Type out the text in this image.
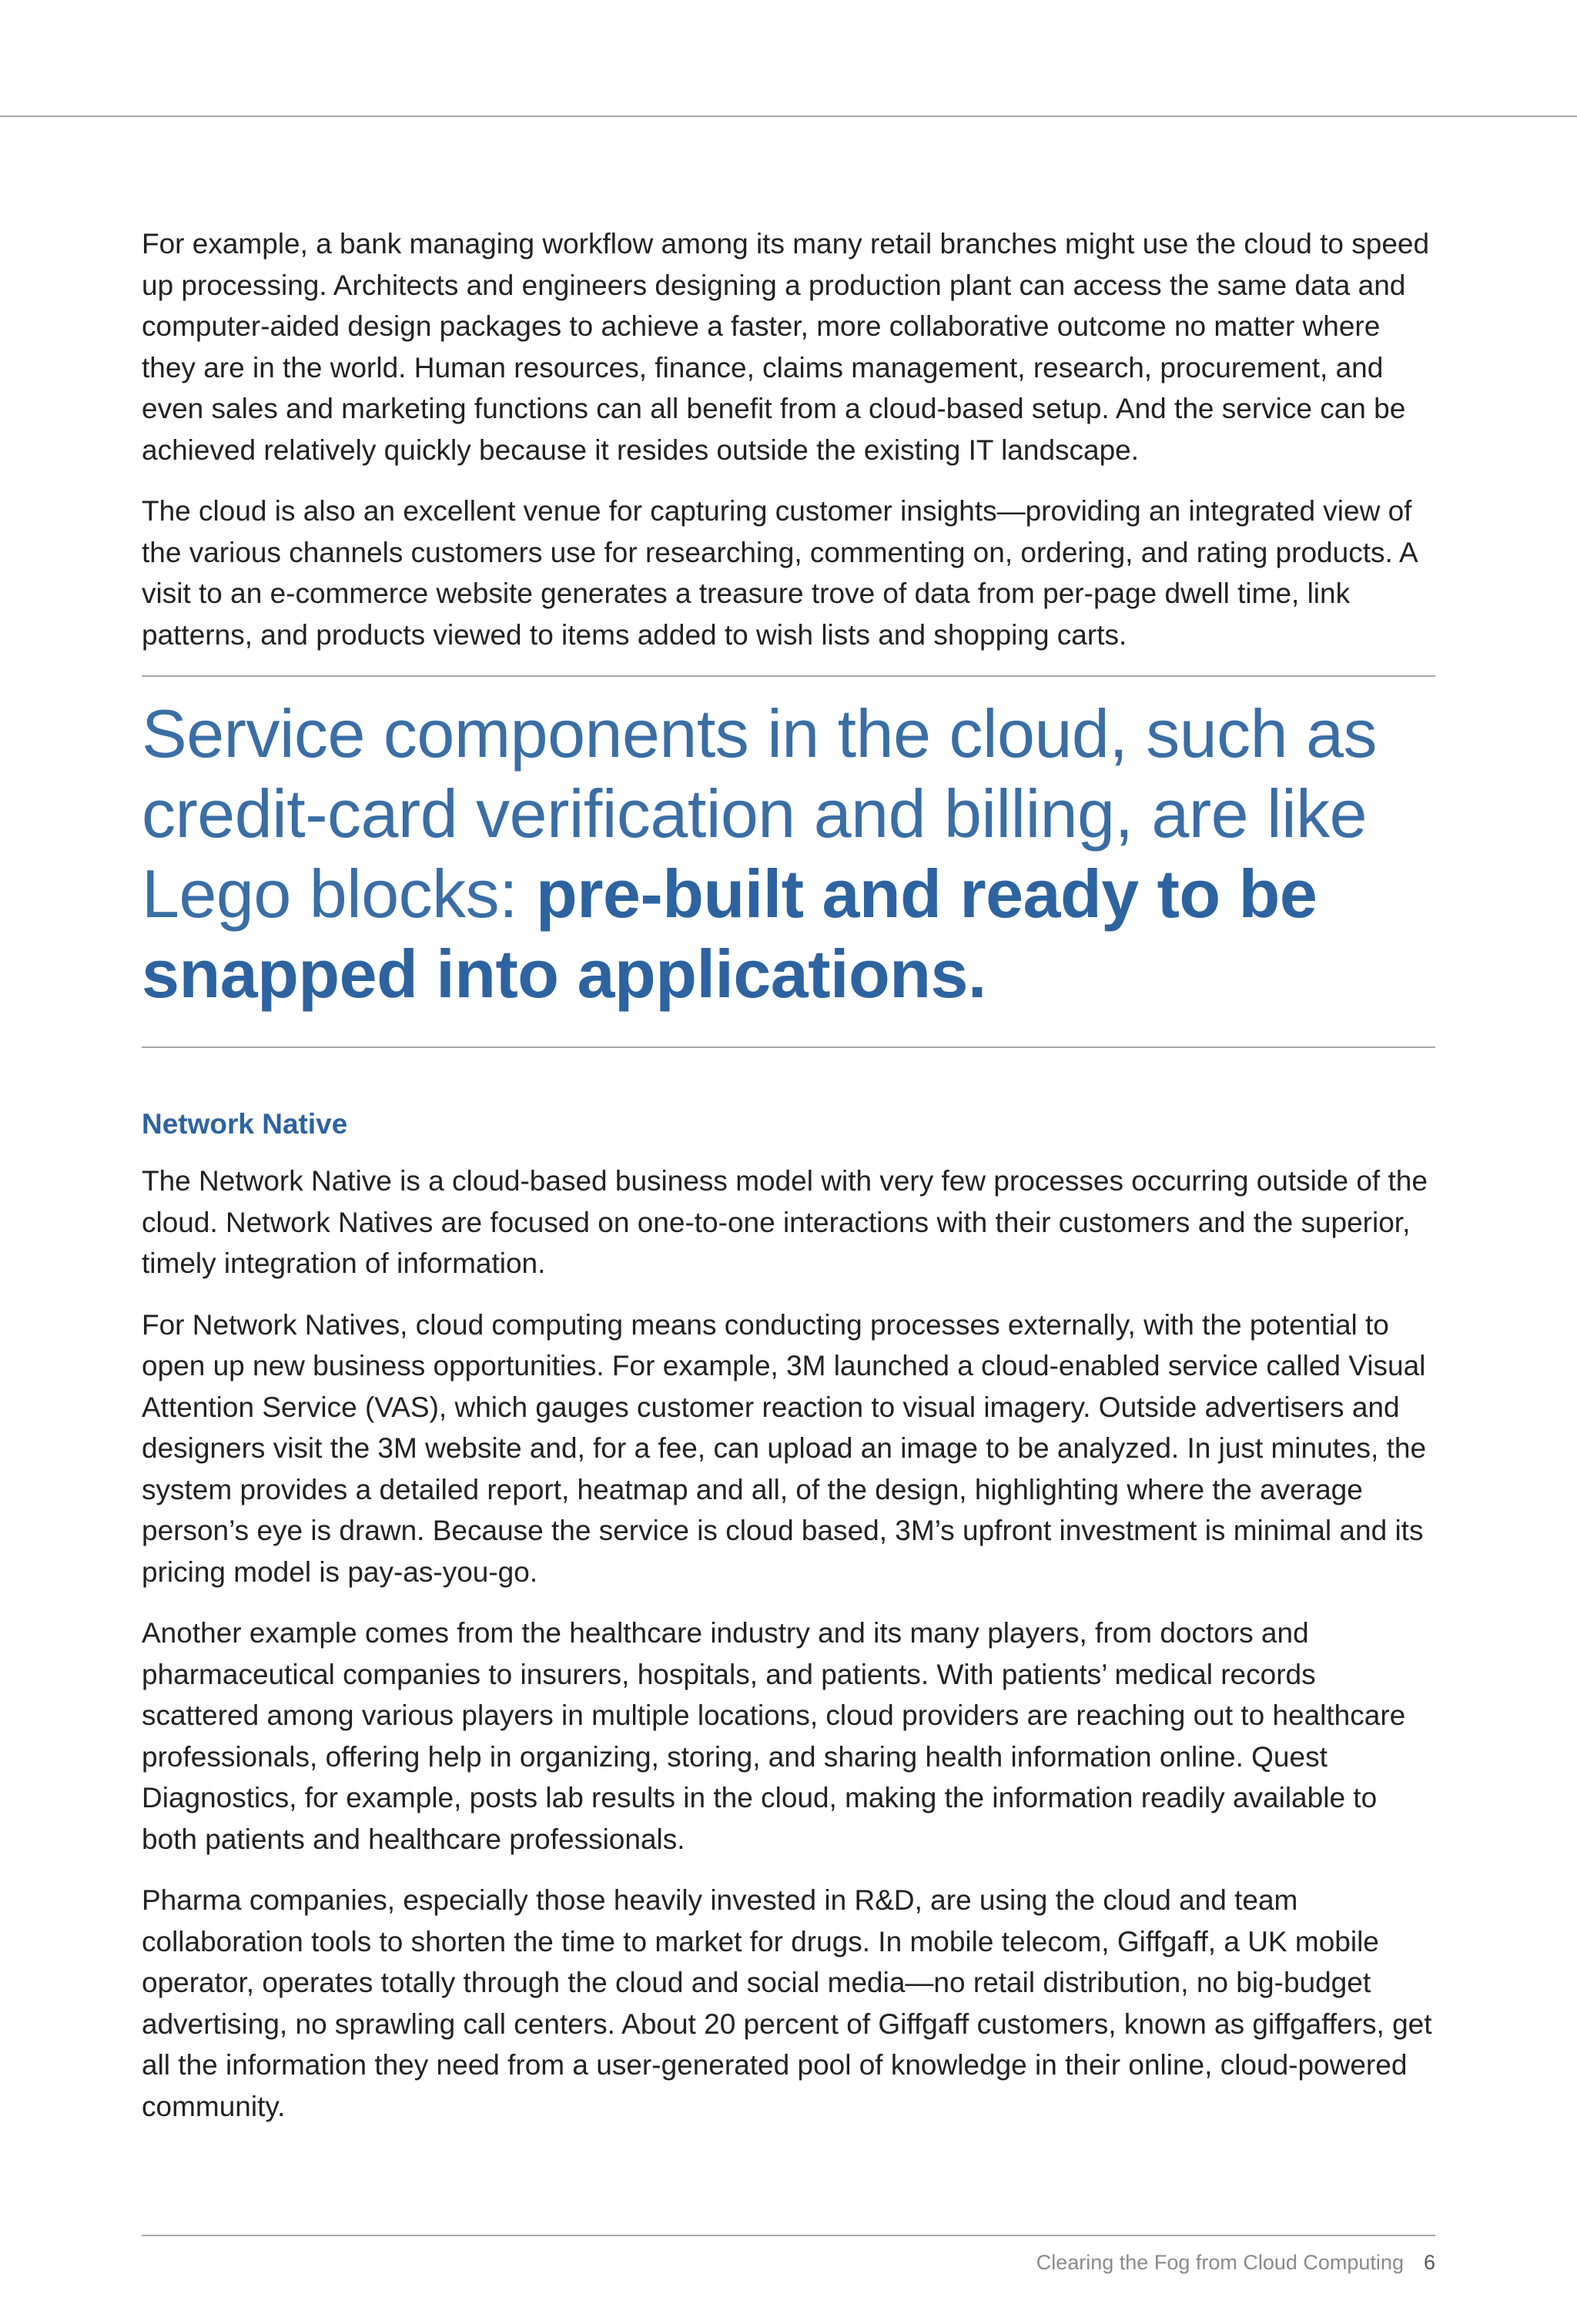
For example, a bank managing workflow among its many retail branches might use the cloud to speed up processing. Architects and engineers designing a production plant can access the same data and computer-aided design packages to achieve a faster, more collaborative outcome no matter where they are in the world. Human resources, finance, claims management, research, procurement, and even sales and marketing functions can all benefit from a cloud-based setup. And the service can be achieved relatively quickly because it resides outside the existing IT landscape.

The cloud is also an excellent venue for capturing customer insights—providing an integrated view of the various channels customers use for researching, commenting on, ordering, and rating products. A visit to an e-commerce website generates a treasure trove of data from per-page dwell time, link patterns, and products viewed to items added to wish lists and shopping carts.

Service components in the cloud, such as credit-card verification and billing, are like Lego blocks: pre-built and ready to be snapped into applications.

Network Native

The Network Native is a cloud-based business model with very few processes occurring outside of the cloud. Network Natives are focused on one-to-one interactions with their customers and the superior, timely integration of information.

For Network Natives, cloud computing means conducting processes externally, with the potential to open up new business opportunities. For example, 3M launched a cloud-enabled service called Visual Attention Service (VAS), which gauges customer reaction to visual imagery. Outside advertisers and designers visit the 3M website and, for a fee, can upload an image to be analyzed. In just minutes, the system provides a detailed report, heatmap and all, of the design, highlighting where the average person’s eye is drawn. Because the service is cloud based, 3M’s upfront investment is minimal and its pricing model is pay-as-you-go.

Another example comes from the healthcare industry and its many players, from doctors and pharmaceutical companies to insurers, hospitals, and patients. With patients’ medical records scattered among various players in multiple locations, cloud providers are reaching out to healthcare professionals, offering help in organizing, storing, and sharing health information online. Quest Diagnostics, for example, posts lab results in the cloud, making the information readily available to both patients and healthcare professionals.

Pharma companies, especially those heavily invested in R&D, are using the cloud and team collaboration tools to shorten the time to market for drugs. In mobile telecom, Giffgaff, a UK mobile operator, operates totally through the cloud and social media—no retail distribution, no big-budget advertising, no sprawling call centers. About 20 percent of Giffgaff customers, known as giffgaffers, get all the information they need from a user-generated pool of knowledge in their online, cloud-powered community.

Clearing the Fog from Cloud Computing 6
